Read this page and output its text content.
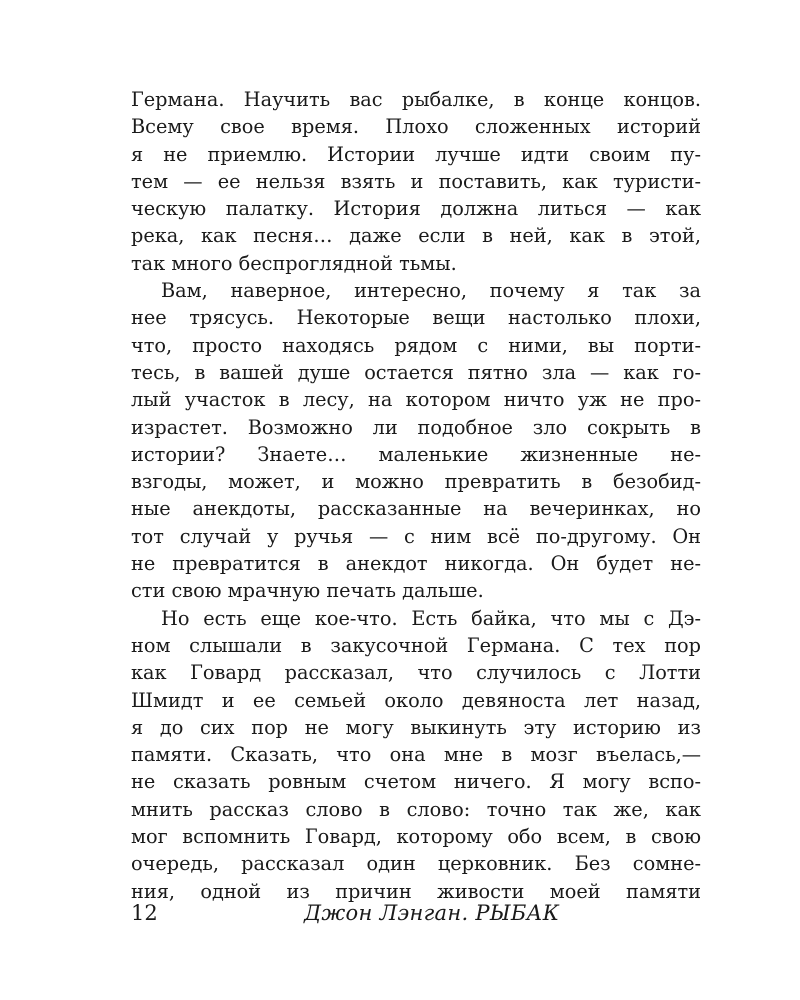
Германа. Научить вас рыбалке, в конце концов.
Всему свое время. Плохо сложенных историй
я не приемлю. Истории лучше идти своим пу-
тем — ее нельзя взять и поставить, как туристи-
ческую палатку. История должна литься — как
река, как песня… даже если в ней, как в этой,
так много беспроглядной тьмы.
Вам, наверное, интересно, почему я так за
нее трясусь. Некоторые вещи настолько плохи,
что, просто находясь рядом с ними, вы порти-
тесь, в вашей душе остается пятно зла — как го-
лый участок в лесу, на котором ничто уж не про-
израстет. Возможно ли подобное зло сокрыть в
истории? Знаете… маленькие жизненные не-
взгоды, может, и можно превратить в безобид-
ные анекдоты, рассказанные на вечеринках, но
тот случай у ручья — с ним всё по-другому. Он
не превратится в анекдот никогда. Он будет не-
сти свою мрачную печать дальше.
Но есть еще кое-что. Есть байка, что мы с Дэ-
ном слышали в закусочной Германа. С тех пор
как Говард рассказал, что случилось с Лотти
Шмидт и ее семьей около девяноста лет назад,
я до сих пор не могу выкинуть эту историю из
памяти. Сказать, что она мне в мозг въелась,—
не сказать ровным счетом ничего. Я могу вспо-
мнить рассказ слово в слово: точно так же, как
мог вспомнить Говард, которому обо всем, в свою
очередь, рассказал один церковник. Без сомне-
ния, одной из причин живости моей памяти
12	Джон Лэнган. РЫБАК
